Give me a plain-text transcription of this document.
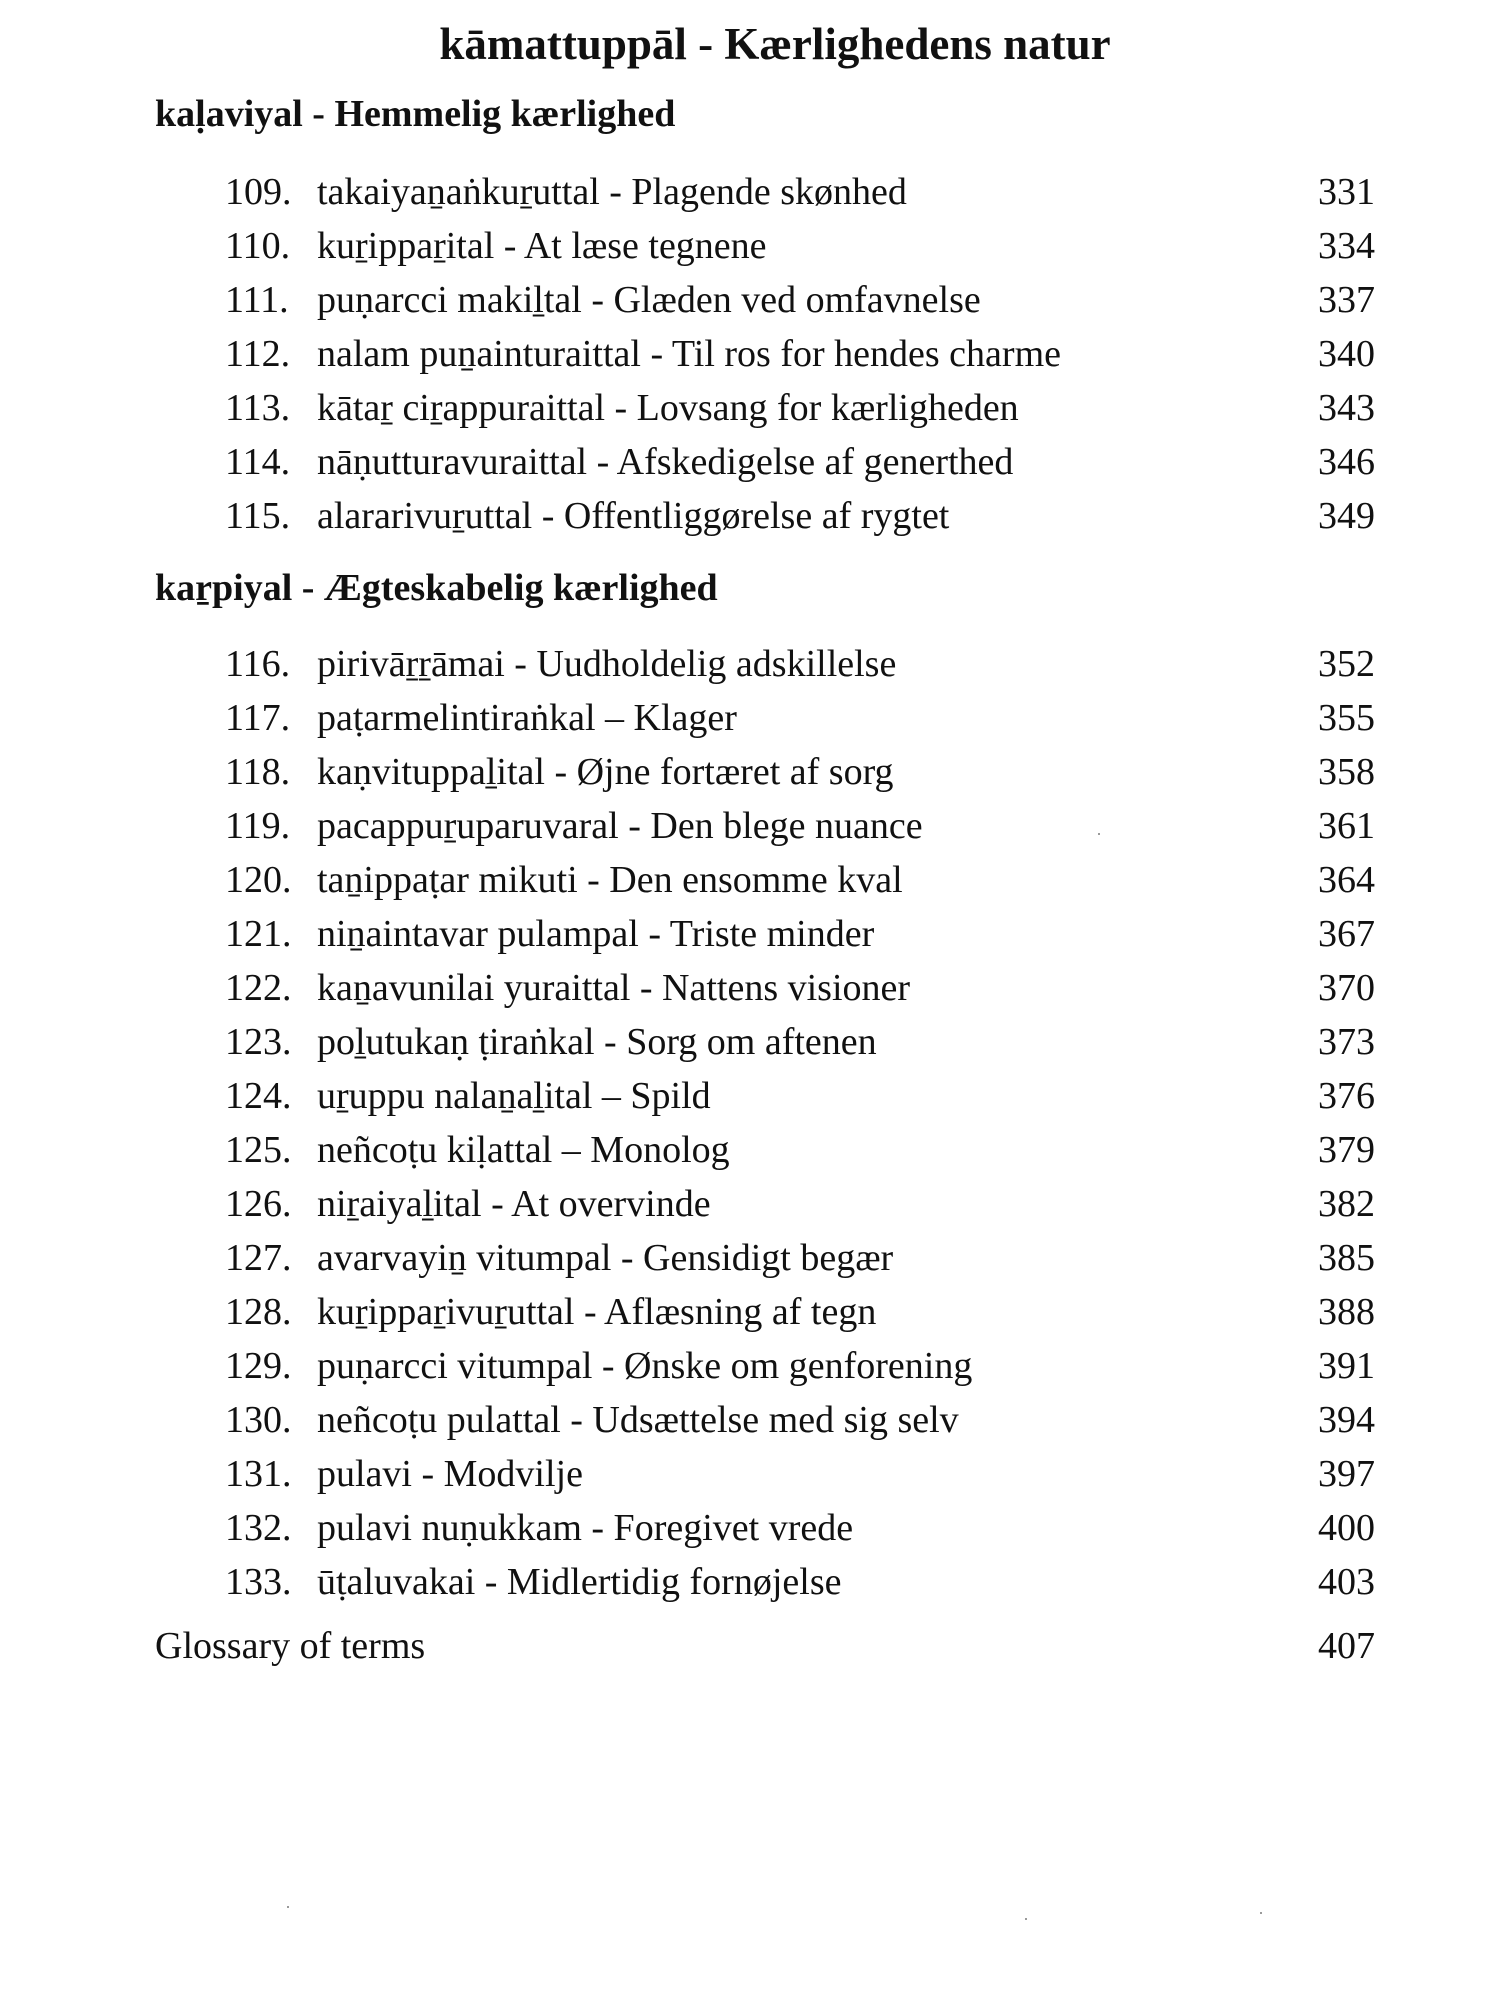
kāmattuppāl - Kærlighedens natur
kaḷaviyal - Hemmelig kærlighed
109. takaiyaṉaṅkuṟuttal - Plagende skønhed	331
110. kuṟippaṟital - At læse tegnene	334
111. puṇarcci makiḻtal - Glæden ved omfavnelse	337
112. nalam puṉainturaittal - Til ros for hendes charme	340
113. kātaṟ ciṟappuraittal - Lovsang for kærligheden	343
114. nāṇutturavuraittal - Afskedigelse af generthed	346
115. alararivuṟuttal - Offentliggørelse af rygtet	349
kaṟpiyal - Ægteskabelig kærlighed
116. pirivāṟṟāmai - Uudholdelig adskillelse	352
117. paṭarmelintiraṅkal – Klager	355
118. kaṇvituppaḻital - Øjne fortæret af sorg	358
119. pacappuṟuparuvaral - Den blege nuance	361
120. taṉippaṭar mikuti - Den ensomme kval	364
121. niṉaintavar pulampal - Triste minder	367
122. kaṉavunilai yuraittal - Nattens visioner	370
123. poḻutukaṇ ṭiraṅkal - Sorg om aftenen	373
124. uṟuppu nalaṉaḻital – Spild	376
125. neñcoṭu kiḷattal – Monolog	379
126. niṟaiyaḻital - At overvinde	382
127. avarvayiṉ vitumpal - Gensidigt begær	385
128. kuṟippaṟivuṟuttal - Aflæsning af tegn	388
129. puṇarcci vitumpal - Ønske om genforening	391
130. neñcoṭu pulattal - Udsættelse med sig selv	394
131. pulavi - Modvilje	397
132. pulavi nuṇukkam - Foregivet vrede	400
133. ūṭaluvakai - Midlertidig fornøjelse	403
Glossary of terms	407
